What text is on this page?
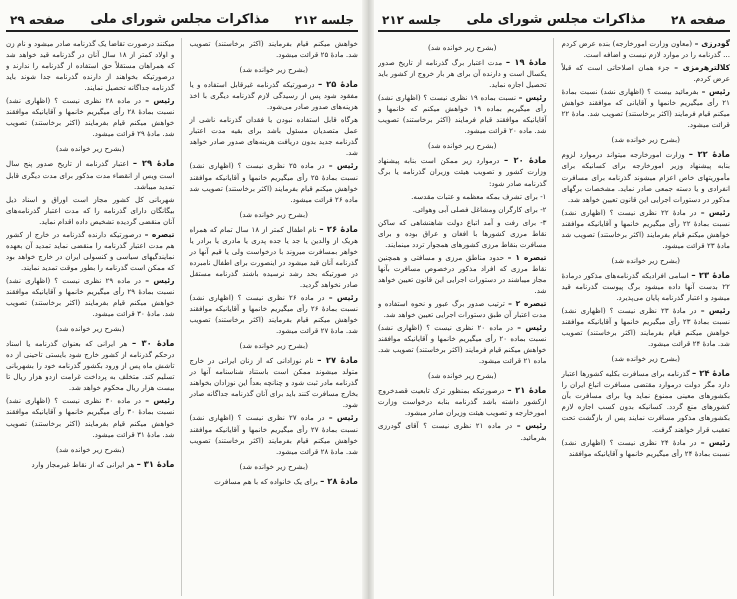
جلسه ۲۱۲
مذاکرات مجلس شورای ملی
صفحه ۲۹
خواهش میکنم قیام بفرمایند (اکثر برخاستند) تصویب شد. مادهٔ ۲۵ قرائت میشود.
(بشرح زیر خوانده شد)
مادهٔ ۲۵ – درصورتیکه گذرنامه غیرقابل استفاده و یا مفقود شود پس از رسیدگی لازم گذرنامه دیگری با اخذ هزینه‌های صدور صادر می‌شود.
هرگاه قابل استفاده نبودن یا فقدان گذرنامه ناشی از عمل متصدیان مسئول باشد برای بقیه مدت اعتبار گذرنامه جدید بدون دریافت هزینه‌های صدور صادر خواهد شد.
رئیس – در ماده ۲۵ نظری نیست ؟ (اظهاری نشد) نسبت بمادهٔ ۲۵ رأی میگیریم خانمها و آقایانیکه موافقند خواهش میکنم قیام بفرمایند (اکثر برخاستند) تصویب شد ماده ۲۶ قرائت میشود.
(بشرح زیر خوانده شد)
مادهٔ ۲۶ – نام اطفال کمتر از ۱۸ سال تمام که همراه هریک از والدین یا جد یا جده پدری یا مادری یا برادر یا خواهر بمسافرت میروند با درخواست ولی یا قیم آنها در گذرنامه آنان قید میشود در اینصورت برای اطفال نامبرده در صورتیکه بحد رشد نرسیده باشند گذرنامه مستقل صادر نخواهد گردید.
رئیس – در ماده ۲۶ نظری نیست ؟ (اظهاری نشد) نسبت بمادهٔ ۲۶ رأی میگیریم خانمها و آقایانیکه موافقند خواهش میکنم قیام بفرمایند (اکثر برخاستند) تصویب شد. مادهٔ ۲۷ قرائت میشود.
(بشرح زیر خوانده شد)
مادهٔ ۲۷ – نام نوزادانی که از زنان ایرانی در خارج متولد میشوند ممکن است باستناد شناسنامه آنها در گذرنامه مادر ثبت شود و چنانچه بعداً این نوزادان بخواهند بخارج مسافرت کنند باید برای آنان گذرنامه جداگانه صادر شود.
رئیس – در ماده ۲۷ نظری نیست ؟ (اظهاری نشد) نسبت بمادهٔ ۲۷ رأی میگیریم خانمها و آقایانیکه موافقند خواهش میکنم قیام بفرمایند (اکثر برخاستند) تصویب شد. مادهٔ ۲۸ قرائت میشود.
(بشرح زیر خوانده شد)
مادهٔ ۲۸ – برای یک خانواده که با هم مسافرت
میکنند درصورت تقاضا یک گذرنامه صادر میشود و نام زن و اولاد کمتر از ۱۸ سال آنان در گذرنامه قید خواهد شد که همراهان مستقلاً حق استفاده از گذرنامه را ندارند و درصورتیکه بخواهند از دارنده گذرنامه جدا شوند باید گذرنامه جداگانه تحصیل نمایند.
رئیس – در ماده ۲۸ نظری نیست ؟ (اظهاری نشد) نسبت بمادهٔ ۲۸ رأی میگیریم خانمها و آقایانیکه موافقند خواهش میکنم قیام بفرمایند (اکثر برخاستند) تصویب شد. مادهٔ ۲۹ قرائت میشود.
(بشرح زیر خوانده شد)
مادهٔ ۲۹ – اعتبار گذرنامه از تاریخ صدور پنج سال است ویس از انقضاء مدت مذکور برای مدت دیگری قابل تمدید میباشد.
شهربانی کل کشور مجاز است اوراق و اسناد ذیل بیگانگان دارای گذرنامه را که مدت اعتبار گذرنامه‌های آنان منقضی گردیده تشخیص داده اقدام نماید.
تبصره – درصورتیکه دارنده گذرنامه در خارج از کشور هم مدت اعتبار گذرنامه را منقضی نماید تمدید آن بعهده نمایندگیهای سیاسی و کنسولی ایران در خارج خواهد بود که ممکن است گذرنامه را بطور موقت تمدید نمایند.
رئیس – در ماده ۲۹ نظری نیست ؟ (اظهاری نشد) نسبت بمادهٔ ۲۹ رأی میگیریم خانمها و آقایانیکه موافقند خواهش میکنم قیام بفرمایند (اکثر برخاستند) تصویب شد. مادهٔ ۳۰ قرائت میشود.
(بشرح زیر خوانده شد)
مادهٔ ۳۰ – هر ایرانی که بعنوان گذرنامه یا اسناد درحکم گذرنامه از کشور خارج شود بایستی تاحینی از ده تاشش ماه پس از ورود بکشور گذرنامه خود را بشهربانی تسلیم کند. متخلف به پرداخت غرامت ازدو هزار ریال تا بیست هزار ریال محکوم خواهد شد.
رئیس – در ماده ۳۰ نظری نیست ؟ (اظهاری نشد) نسبت بمادهٔ ۳۰ رأی میگیریم خانمها و آقایانیکه موافقند خواهش میکنم قیام بفرمایند (اکثر برخاستند) تصویب شد. مادهٔ ۳۱ قرائت میشود.
(بشرح زیر خوانده شد)
مادهٔ ۳۱ – هر ایرانی که از نقاط غیرمجاز وارد
صفحه ۲۸
مذاکرات مجلس شورای ملی
جلسه ۲۱۲
گودرزی – (معاون وزارت امورخارجه) بنده عرض کردم ... گذرنامه را در موارد لازم نیست و اضافه است.
کلالترهرمزی – جزء همان اصلاحاتی است که قبلاً عرض کردم.
رئیس – بفرمائید بیست ؟ (اظهاری نشد) نسبت بمادهٔ ۲۱ رأی میگیریم خانمها و آقایانی که موافقند خواهش میکنم قیام فرمایند (اکثر برخاستند) تصویب شد. مادهٔ ۲۲ قرائت میشود.
(بشرح زیر خوانده شد)
مادهٔ ۲۲ – وزارت امورخارجه میتواند درموارد لزوم بنابه پیشنهاد وزیر امورخارجه برای کسانیکه برای مأموریتهای خاص اعزام میشوند گذرنامه برای مسافرت انفرادی و یا دسته جمعی صادر نماید. مشخصات برگهای مذکور در دستورات اجرایی این قانون تعیین خواهد شد.
رئیس – در مادهٔ ۲۲ نظری نیست ؟ (اظهاری نشد) نسبت بمادهٔ ۲۲ رأی میگیریم خانمها و آقایانیکه موافقند خواهش میکنم قیام بفرمایند (اکثر برخاستند) تصویب شد مادهٔ ۲۳ قرائت میشود.
(بشرح زیر خوانده شد)
مادهٔ ۲۳ – اسامی افرادیکه گذرنامه‌های مذکور درمادهٔ ۲۲ بدست آنها داده میشود برگ پیوست گذرنامه قید میشود و اعتبار گذرنامه پایان می‌پذیرد.
رئیس – در مادهٔ ۲۳ نظری نیست ؟ (اظهاری نشد) نسبت بمادهٔ ۲۳ رأی میگیریم خانمها و آقایانیکه موافقند خواهش میکنم قیام بفرمایند (اکثر برخاستند) تصویب شد. مادهٔ ۲۴ قرائت میشود.
(بشرح زیر خوانده شد)
مادهٔ ۲۴ – گذرنامه برای مسافرت بکلیه کشورها اعتبار دارد مگر دولت درموارد مقتضی مسافرت اتباع ایران را بکشورهای معینی ممنوع نماید ویا برای مسافرت بآن کشورهای منع گردد. کسانیکه بدون کسب اجازه لازم بکشورهای مذکور مسافرت نمایند پس از بازگشت تحت تعقیب قرار خواهند گرفت.
رئیس – در مادهٔ ۲۴ نظری نیست ؟ (اظهاری نشد) نسبت بمادهٔ ۲۴ رأی میگیریم خانمها و آقایانیکه موافقند
(بشرح زیر خوانده شد)
مادهٔ ۱۹ – مدت اعتبار برگ گذرنامه از تاریخ صدور یکسال است و دارنده آن برای هر بار خروج از کشور باید تحصیل اجازه نماید.
رئیس – نسبت بماده ۱۹ نظری نیست ؟ (اظهاری نشد) رأی میگیریم بماده ۱۹ خواهش میکنم که خانمها و آقایانیکه موافقند قیام فرمایند (اکثر برخاستند) تصویب شد. ماده ۲۰ قرائت میشود.
(بشرح زیر خوانده شد)
مادهٔ ۲۰ – درموارد زیر ممکن است بنابه پیشنهاد وزارت کشور و تصویب هیئت وزیران گذرنامه یا برگ گذرنامه صادر شود:
۱- برای تشرف بمکه معظمه و عتبات مقدسه.
۲- برای کارگران ومشاغل فصلی آبی وهوائی.
۳- برای رفت و آمد اتباع دولت شاهنشاهی که ساکن نقاط مرزی کشورها با افغان و عراق بوده و برای مسافرت بنقاط مرزی کشورهای همجوار تردد مینمایند.
تبصره ۱ – حدود مناطق مرزی و مسافتی و همچنین نقاط مرزی که افراد مذکور درخصوص مسافرت بآنها مجاز میباشند در دستورات اجرایی این قانون تعیین خواهد شد.
تبصره ۲ – ترتیب صدور برگ عبور و نحوه استفاده و مدت اعتبار آن طبق دستورات اجرایی تعیین خواهد شد.
رئیس – در ماده ۲۰ نظری نیست ؟ (اظهاری نشد) نسبت بماده ۲۰ رأی میگیریم خانمها و آقایانیکه موافقند خواهش میکنم قیام فرمایند (اکثر برخاستند) تصویب شد. ماده ۲۱ قرائت میشود.
(بشرح زیر خوانده شد)
مادهٔ ۲۱ – درصورتیکه بمنظور ترک تابعیت قصدخروج ازکشور داشته باشد گذرنامه بنابه درخواست وزارت امورخارجه و تصویب هیئت وزیران صادر میشود.
رئیس – در ماده ۲۱ نظری نیست ؟ آقای گودرزی بفرمائید.
